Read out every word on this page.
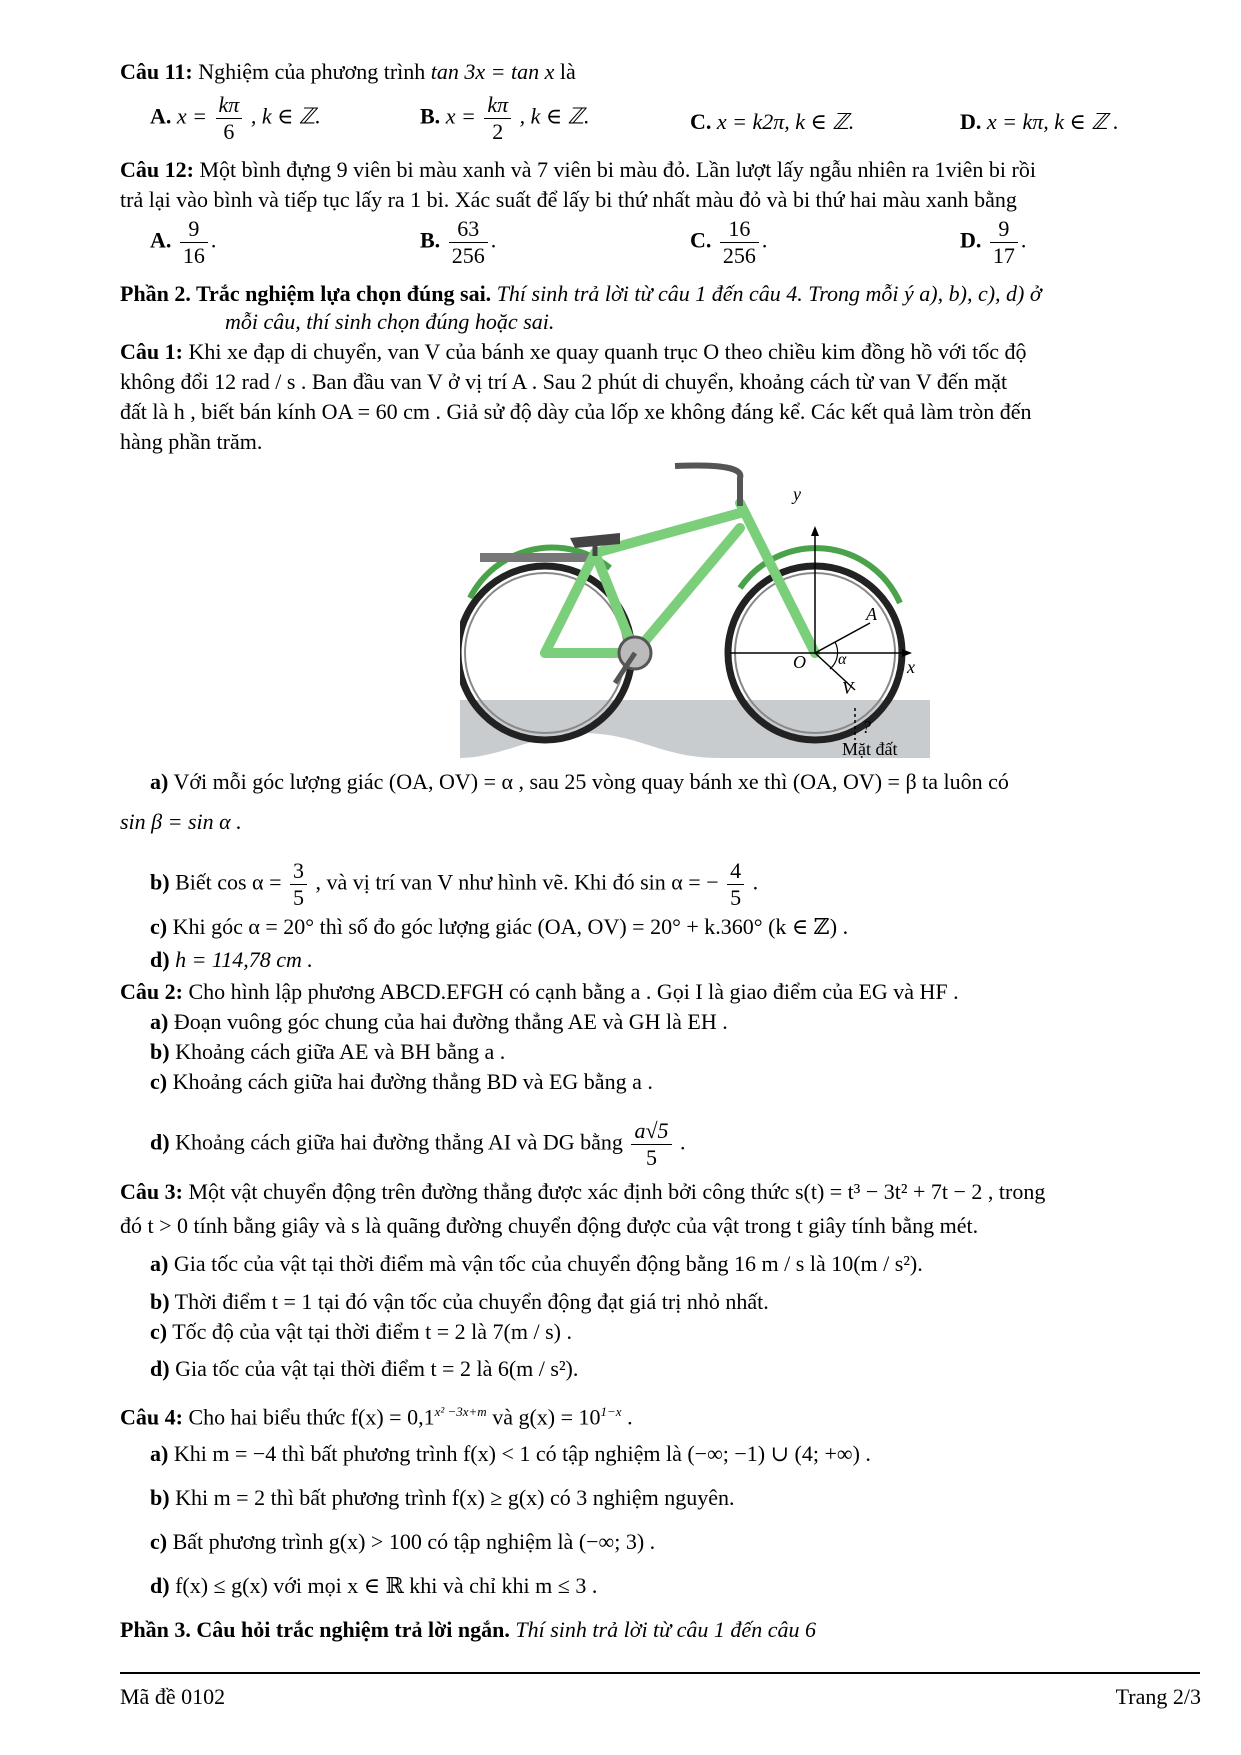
Câu 11: Nghiệm của phương trình tan 3x = tan x là
A. $x = \frac{k\pi}{6}$ , k ∈ ℤ.	B. $x = \frac{k\pi}{2}$ , k ∈ ℤ.	C. x = k2π, k ∈ ℤ.	D. x = kπ, k ∈ ℤ .
Câu 12: Một bình đựng 9 viên bi màu xanh và 7 viên bi màu đỏ. Lần lượt lấy ngẫu nhiên ra 1viên bi rồi
trả lại vào bình và tiếp tục lấy ra 1 bi. Xác suất để lấy bi thứ nhất màu đỏ và bi thứ hai màu xanh bằng
A. $\frac{9}{16}$ .	B. $\frac{63}{256}$ .	C. $\frac{16}{256}$ .	D. $\frac{9}{17}$ .
Phần 2. Trắc nghiệm lựa chọn đúng sai. Thí sinh trả lời từ câu 1 đến câu 4. Trong mỗi ý a), b), c), d) ở
mỗi câu, thí sinh chọn đúng hoặc sai.
Câu 1: Khi xe đạp di chuyển, van V của bánh xe quay quanh trục O theo chiều kim đồng hồ với tốc độ
không đổi 12 rad / s . Ban đầu van V ở vị trí A . Sau 2 phút di chuyển, khoảng cách từ van V đến mặt
đất là h , biết bán kính OA = 60 cm . Giả sử độ dày của lốp xe không đáng kể. Các kết quả làm tròn đến
hàng phần trăm.
y
x
O
A
V
α
?
Mặt đất
a) Với mỗi góc lượng giác (OA, OV) = α , sau 25 vòng quay bánh xe thì (OA, OV) = β ta luôn có
sin β = sin α .
b) Biết $\cos \alpha = \frac{3}{5}$ , và vị trí van V như hình vẽ. Khi đó sin α = − $\frac{4}{5}$ .
c) Khi góc α = 20° thì số đo góc lượng giác (OA, OV) = 20° + k.360° (k ∈ ℤ) .
d) h = 114,78 cm .
Câu 2: Cho hình lập phương ABCD.EFGH có cạnh bằng a . Gọi I là giao điểm của EG và HF .
a) Đoạn vuông góc chung của hai đường thẳng AE và GH là EH .
b) Khoảng cách giữa AE và BH bằng a .
c) Khoảng cách giữa hai đường thẳng BD và EG bằng a .
d) Khoảng cách giữa hai đường thẳng AI và DG bằng $\frac{a√5}{5}$ .
Câu 3: Một vật chuyển động trên đường thẳng được xác định bởi công thức s(t) = t³ − 3t² + 7t − 2 , trong
đó t > 0 tính bằng giây và s là quãng đường chuyển động được của vật trong t giây tính bằng mét.
a) Gia tốc của vật tại thời điểm mà vận tốc của chuyển động bằng 16 m / s là 10(m / s²).
b) Thời điểm t = 1 tại đó vận tốc của chuyển động đạt giá trị nhỏ nhất.
c) Tốc độ của vật tại thời điểm t = 2 là 7(m / s) .
d) Gia tốc của vật tại thời điểm t = 2 là 6(m / s²).
Câu 4: Cho hai biểu thức $f(x) = 0,1^{x^2 -3x+m}$ và $g(x) = 10^{1-x}$ .
a) Khi m = −4 thì bất phương trình f(x) < 1 có tập nghiệm là (−∞; −1) ∪ (4; +∞) .
b) Khi m = 2 thì bất phương trình f(x) ≥ g(x) có 3 nghiệm nguyên.
c) Bất phương trình g(x) > 100 có tập nghiệm là (−∞; 3) .
d) f(x) ≤ g(x) với mọi x ∈ ℝ khi và chỉ khi m ≤ 3 .
Phần 3. Câu hỏi trắc nghiệm trả lời ngắn. Thí sinh trả lời từ câu 1 đến câu 6
Mã đề 0102	Trang 2/3
